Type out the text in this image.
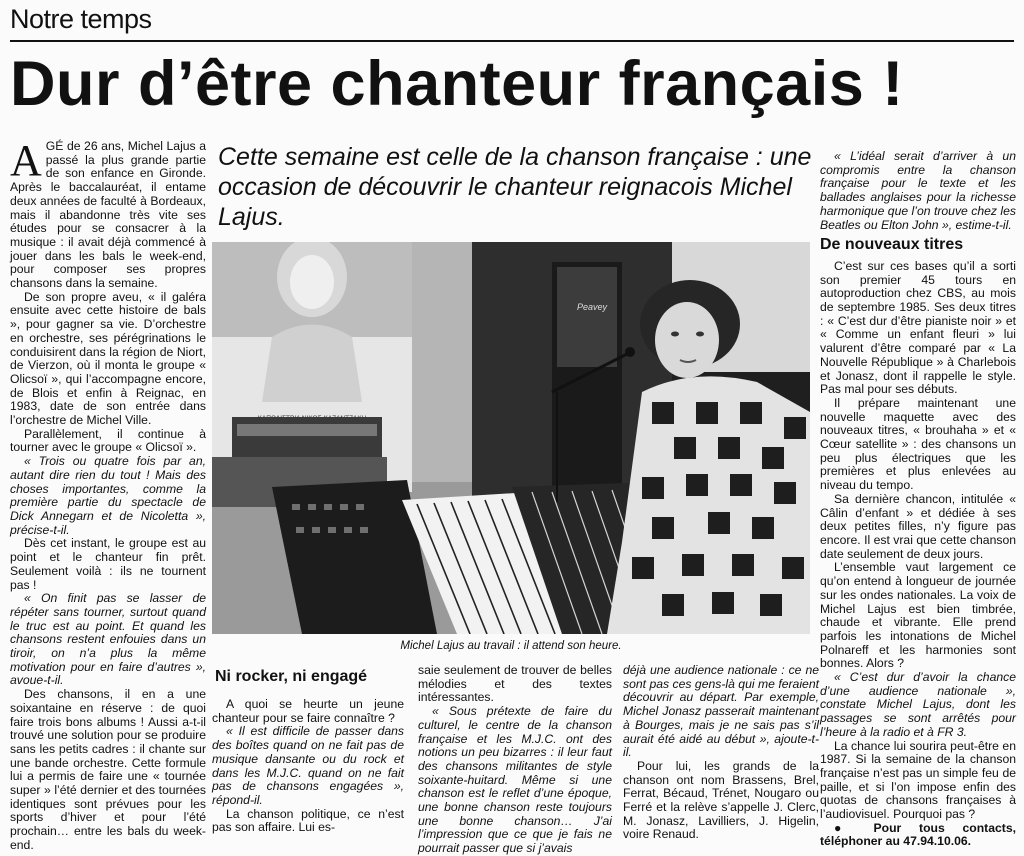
Notre temps
Dur d’être chanteur français !
Cette semaine est celle de la chanson française : une occasion de découvrir le chanteur reignacois Michel Lajus.

AGÉ de 26 ans, Michel Lajus a passé la plus grande partie de son enfance en Gironde. Après le baccalauréat, il entame deux années de faculté à Bordeaux, mais il abandonne très vite ses études pour se consacrer à la musique : il avait déjà commencé à jouer dans les bals le week-end, pour composer ses propres chansons dans la semaine.

De son propre aveu, « il galéra ensuite avec cette histoire de bals », pour gagner sa vie. D’orchestre en orchestre, ses pérégrinations le conduisirent dans la région de Niort, de Vierzon, où il monta le groupe « Olicsoï », qui l’accompagne encore, de Blois et enfin à Reignac, en 1983, date de son entrée dans l’orchestre de Michel Ville.

Parallèlement, il continue à tourner avec le groupe « Olicsoï ».

« Trois ou quatre fois par an, autant dire rien du tout ! Mais des choses importantes, comme la première partie du spectacle de Dick Annegarn et de Nicoletta », précise-t-il.

Dès cet instant, le groupe est au point et le chanteur fin prêt. Seulement voilà : ils ne tournent pas !

« On finit pas se lasser de répéter sans tourner, surtout quand le truc est au point. Et quand les chansons restent enfouies dans un tiroir, on n’a plus la même motivation pour en faire d’autres », avoue-t-il.

Des chansons, il en a une soixantaine en réserve : de quoi faire trois bons albums ! Aussi a-t-il trouvé une solution pour se produire sans les petits cadres : il chante sur une bande orchestre. Cette formule lui a permis de faire une « tournée super » l’été dernier et des tournées identiques sont prévues pour les sports d’hiver et pour l’été prochain… entre les bals du week-end.

Peavey
Michel Lajus au travail : il attend son heure.
Ni rocker, ni engagé

A quoi se heurte un jeune chanteur pour se faire connaître ?

« Il est difficile de passer dans des boîtes quand on ne fait pas de musique dansante ou du rock et dans les M.J.C. quand on ne fait pas de chansons engagées », répond-il.

La chanson politique, ce n’est pas son affaire. Lui es-

saie seulement de trouver de belles mélodies et des textes intéressantes.

« Sous prétexte de faire du culturel, le centre de la chanson française et les M.J.C. ont des notions un peu bizarres : il leur faut des chansons militantes de style soixante-huitard. Même si une chanson est le reflet d’une époque, une bonne chanson reste toujours une bonne chanson… J’ai l’impression que ce que je fais ne pourrait passer que si j’avais

déjà une audience nationale : ce ne sont pas ces gens-là qui me feraient découvrir au départ. Par exemple, Michel Jonasz passerait maintenant à Bourges, mais je ne sais pas s’il aurait été aidé au début », ajoute-t-il.

Pour lui, les grands de la chanson ont nom Brassens, Brel, Ferrat, Bécaud, Trénet, Nougaro ou Ferré et la relève s’appelle J. Clerc, M. Jonasz, Lavilliers, J. Higelin, voire Renaud.

« L’idéal serait d’arriver à un compromis entre la chanson française pour le texte et les ballades anglaises pour la richesse harmonique que l’on trouve chez les Beatles ou Elton John », estime-t-il.

De nouveaux titres

C’est sur ces bases qu’il a sorti son premier 45 tours en autoproduction chez CBS, au mois de septembre 1985. Ses deux titres : « C’est dur d’être pianiste noir » et « Comme un enfant fleuri » lui valurent d’être comparé par « La Nouvelle République » à Charlebois et Jonasz, dont il rappelle le style. Pas mal pour ses débuts.

Il prépare maintenant une nouvelle maquette avec des nouveaux titres, « brouhaha » et « Cœur satellite » : des chansons un peu plus électriques que les premières et plus enlevées au niveau du tempo.

Sa dernière chancon, intitulée « Câlin d’enfant » et dédiée à ses deux petites filles, n’y figure pas encore. Il est vrai que cette chanson date seulement de deux jours.

L’ensemble vaut largement ce qu’on entend à longueur de journée sur les ondes nationales. La voix de Michel Lajus est bien timbrée, chaude et vibrante. Elle prend parfois les intonations de Michel Polnareff et les harmonies sont bonnes. Alors ?

« C’est dur d’avoir la chance d’une audience nationale », constate Michel Lajus, dont les passages se sont arrêtés pour l’heure à la radio et à FR 3.

La chance lui sourira peut-être en 1987. Si la semaine de la chanson française n’est pas un simple feu de paille, et si l’on impose enfin des quotas de chansons françaises à l’audiovisuel. Pourquoi pas ?

● Pour tous contacts, téléphoner au 47.94.10.06.
